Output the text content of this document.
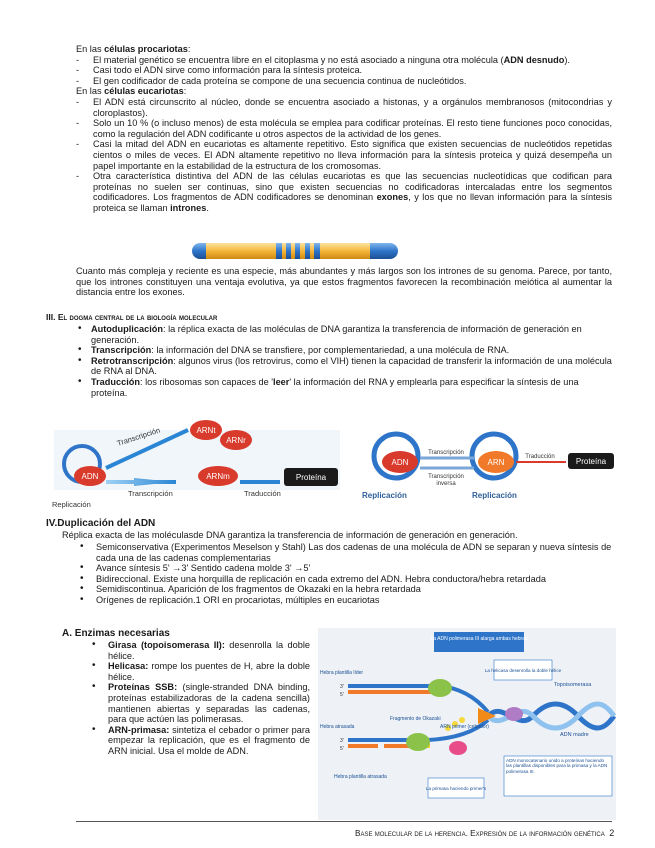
En las células procariotas:
- El material genético se encuentra libre en el citoplasma y no está asociado a ninguna otra molécula (ADN desnudo).
- Casi todo el ADN sirve como información para la síntesis proteica.
- El gen codificador de cada proteína se compone de una secuencia continua de nucleótidos.
En las células eucariotas:
- El ADN está circunscrito al núcleo, donde se encuentra asociado a histonas, y a orgánulos membranosos (mitocondrias y cloroplastos).
- Solo un 10 % (o incluso menos) de esta molécula se emplea para codificar proteínas. El resto tiene funciones poco conocidas, como la regulación del ADN codificante u otros aspectos de la actividad de los genes.
- Casi la mitad del ADN en eucariotas es altamente repetitivo. Esto significa que existen secuencias de nucleótidos repetidas cientos o miles de veces. El ADN altamente repetitivo no lleva información para la síntesis proteica y quizá desempeña un papel importante en la estabilidad de la estructura de los cromosomas.
- Otra característica distintiva del ADN de las células eucariotas es que las secuencias nucleotídicas que codifican para proteínas no suelen ser continuas, sino que existen secuencias no codificadoras intercaladas entre los segmentos codificadores. Los fragmentos de ADN codificadores se denominan exones, y los que no llevan información para la síntesis proteica se llaman intrones.
Cuanto más compleja y reciente es una especie, más abundantes y más largos son los intrones de su genoma. Parece, por tanto, que los intrones constituyen una ventaja evolutiva, ya que estos fragmentos favorecen la recombinación meiótica al aumentar la distancia entre los exones.
III. El dogma central de la biología molecular
• Autoduplicación: la réplica exacta de las moléculas de DNA garantiza la transferencia de información de generación en generación.
• Transcripción: la información del DNA se transfiere, por complementariedad, a una molécula de RNA.
• Retrotranscripción: algunos virus (los retrovirus, como el VIH) tienen la capacidad de transferir la información de una molécula de RNA al DNA.
• Traducción: los ribosomas son capaces de 'leer' la información del RNA y emplearla para especificar la síntesis de una proteína.
ADN
ARNt
ARNr
ARNm	Proteína
Transcripción
Transcripción	Traducción
Replicación
ADN	ARN
Transcripción
Transcripción
inversa
Traducción	Proteína
Replicación	Replicación
IV.Duplicación del ADN
Réplica exacta de las moléculasde DNA garantiza la transferencia de información de generación en generación.
• Semiconservativa (Experimentos Meselson y Stahl) Las dos cadenas de una molécula de ADN se separan y nueva síntesis de cada una de las cadenas complementarias
• Avance síntesis 5' →3' Sentido cadena molde 3' →5'
• Bidireccional. Existe una horquilla de replicación en cada extremo del ADN. Hebra conductora/hebra retardada
• Semidiscontinua. Aparición de los fragmentos de Okazaki en la hebra retardada
• Orígenes de replicación.1 ORI en procariotas, múltiples en eucariotas
A. Enzimas necesarias
• Girasa (topoisomerasa II): desenrolla la doble hélice.
• Helicasa: rompe los puentes de H, abre la doble hélice.
• Proteínas SSB: (single-stranded DNA binding, proteínas estabilizadoras de la cadena sencilla) mantienen abiertas y separadas las cadenas, para que actúen las polimerasas.
• ARN-primasa: sintetiza el cebador o primer para empezar la replicación, que es el fragmento de ARN inicial. Usa el molde de ADN.
La ADN polimerasa III alarga ambas hebras
La helicasa desenrolla la doble hélice
Hebra plantilla líder
Topoisomerasa
Fragmento de Okazaki
ARN primer (cebador)
Hebra atrasada
ADN madre
Hebra plantilla atrasada
La primasa haciendo primer's
ADN monocatenario unido a proteínas haciendo las plantillas disponibles para la primasa y la ADN polimerasa III.
3'
5'
3'
5'
Base molecular de la herencia. Expresión de la información genética 2
